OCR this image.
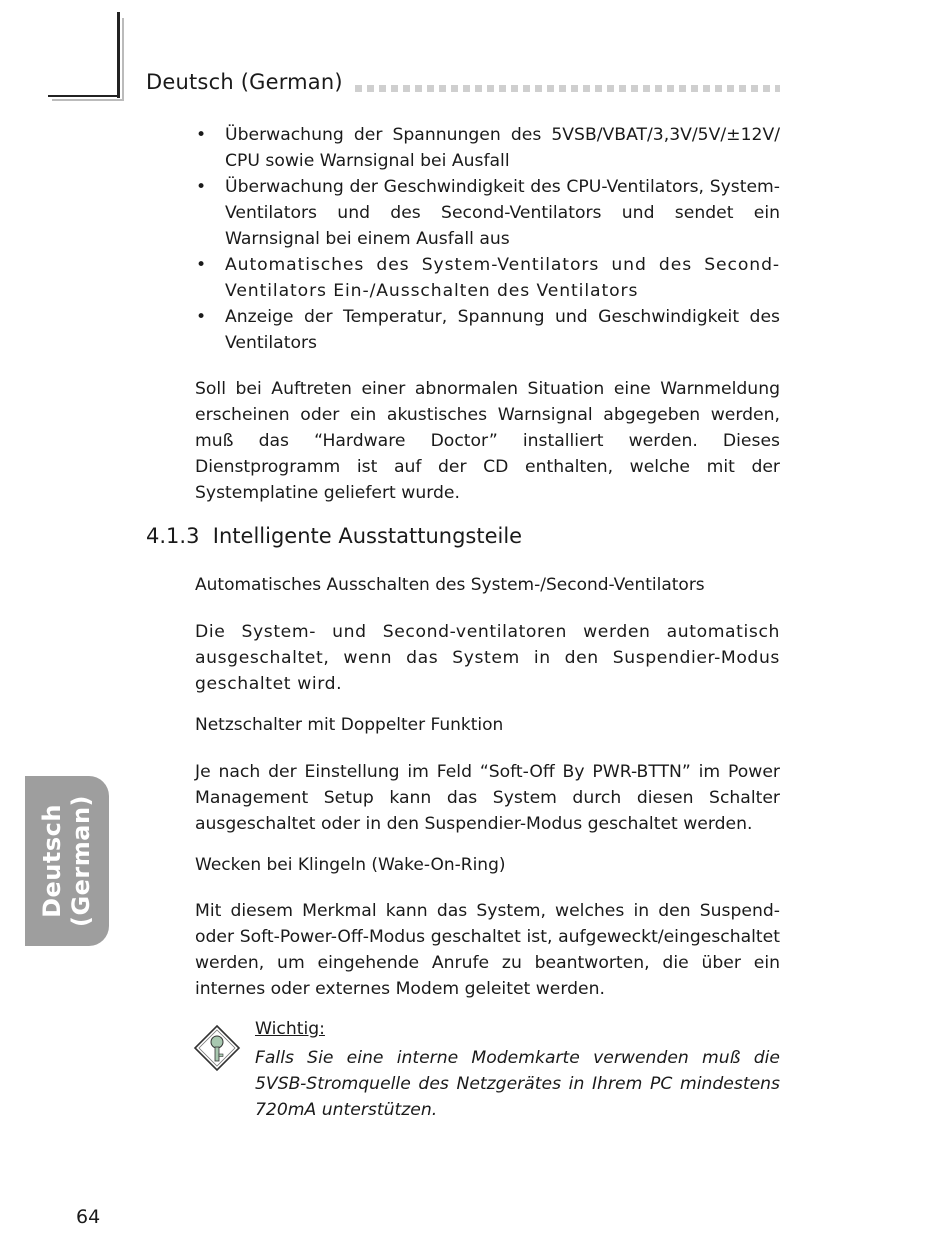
Deutsch (German)
• Überwachung der Spannungen des 5VSB/VBAT/3,3V/5V/±12V/ CPU sowie Warnsignal bei Ausfall
• Überwachung der Geschwindigkeit des CPU-Ventilators, System-Ventilators und des Second-Ventilators und sendet ein Warnsignal bei einem Ausfall aus
• Automatisches des System-Ventilators und des Second-Ventilators Ein-/Ausschalten des Ventilators
• Anzeige der Temperatur, Spannung und Geschwindigkeit des Ventilators
Soll bei Auftreten einer abnormalen Situation eine Warnmeldung erscheinen oder ein akustisches Warnsignal abgegeben werden, muß das “Hardware Doctor” installiert werden. Dieses Dienstprogramm ist auf der CD enthalten, welche mit der Systemplatine geliefert wurde.
4.1.3 Intelligente Ausstattungsteile
Automatisches Ausschalten des System-/Second-Ventilators
Die System- und Second-ventilatoren werden automatisch ausgeschaltet, wenn das System in den Suspendier-Modus geschaltet wird.
Netzschalter mit Doppelter Funktion
Je nach der Einstellung im Feld “Soft-Off By PWR-BTTN” im Power Management Setup kann das System durch diesen Schalter ausgeschaltet oder in den Suspendier-Modus geschaltet werden.
Wecken bei Klingeln (Wake-On-Ring)
Mit diesem Merkmal kann das System, welches in den Suspend- oder Soft-Power-Off-Modus geschaltet ist, aufgeweckt/eingeschaltet werden, um eingehende Anrufe zu beantworten, die über ein internes oder externes Modem geleitet werden.
Wichtig:
Falls Sie eine interne Modemkarte verwenden muß die 5VSB-Stromquelle des Netzgerätes in Ihrem PC mindestens   720mA unterstützen.
Deutsch (German)
64
